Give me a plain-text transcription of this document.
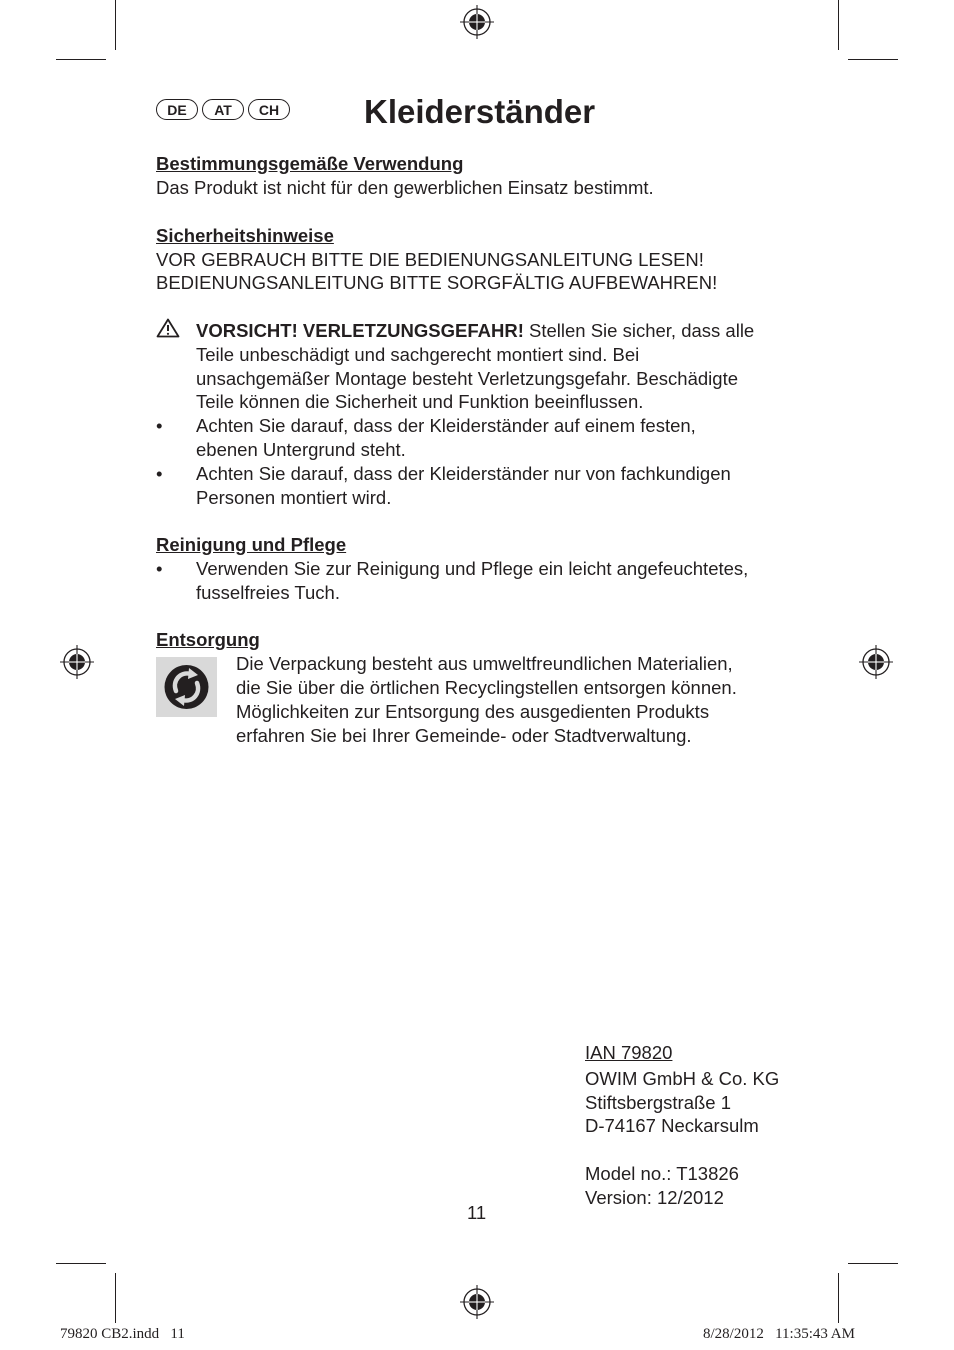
DE	AT	CH	Kleiderständer
Bestimmungsgemäße Verwendung
Das Produkt ist nicht für den gewerblichen Einsatz bestimmt.
Sicherheitshinweise
VOR GEBRAUCH BITTE DIE BEDIENUNGSANLEITUNG LESEN!
BEDIENUNGSANLEITUNG BITTE SORGFÄLTIG AUFBEWAHREN!
VORSICHT! VERLETZUNGSGEFAHR! Stellen Sie sicher, dass alle
Teile unbeschädigt und sachgerecht montiert sind. Bei
unsachgemäßer Montage besteht Verletzungsgefahr. Beschädigte
Teile können die Sicherheit und Funktion beeinflussen.
• Achten Sie darauf, dass der Kleiderständer auf einem festen,
ebenen Untergrund steht.
• Achten Sie darauf, dass der Kleiderständer nur von fachkundigen
Personen montiert wird.
Reinigung und Pflege
• Verwenden Sie zur Reinigung und Pflege ein leicht angefeuchtetes,
fusselfreies Tuch.
Entsorgung
Die Verpackung besteht aus umweltfreundlichen Materialien,
die Sie über die örtlichen Recyclingstellen entsorgen können.
Möglichkeiten zur Entsorgung des ausgedienten Produkts
erfahren Sie bei Ihrer Gemeinde- oder Stadtverwaltung.
IAN 79820
OWIM GmbH & Co. KG
Stiftsbergstraße 1
D-74167 Neckarsulm
Model no.: T13826
Version: 12/2012
11
79820 CB2.indd   11	8/28/2012   11:35:43 AM
